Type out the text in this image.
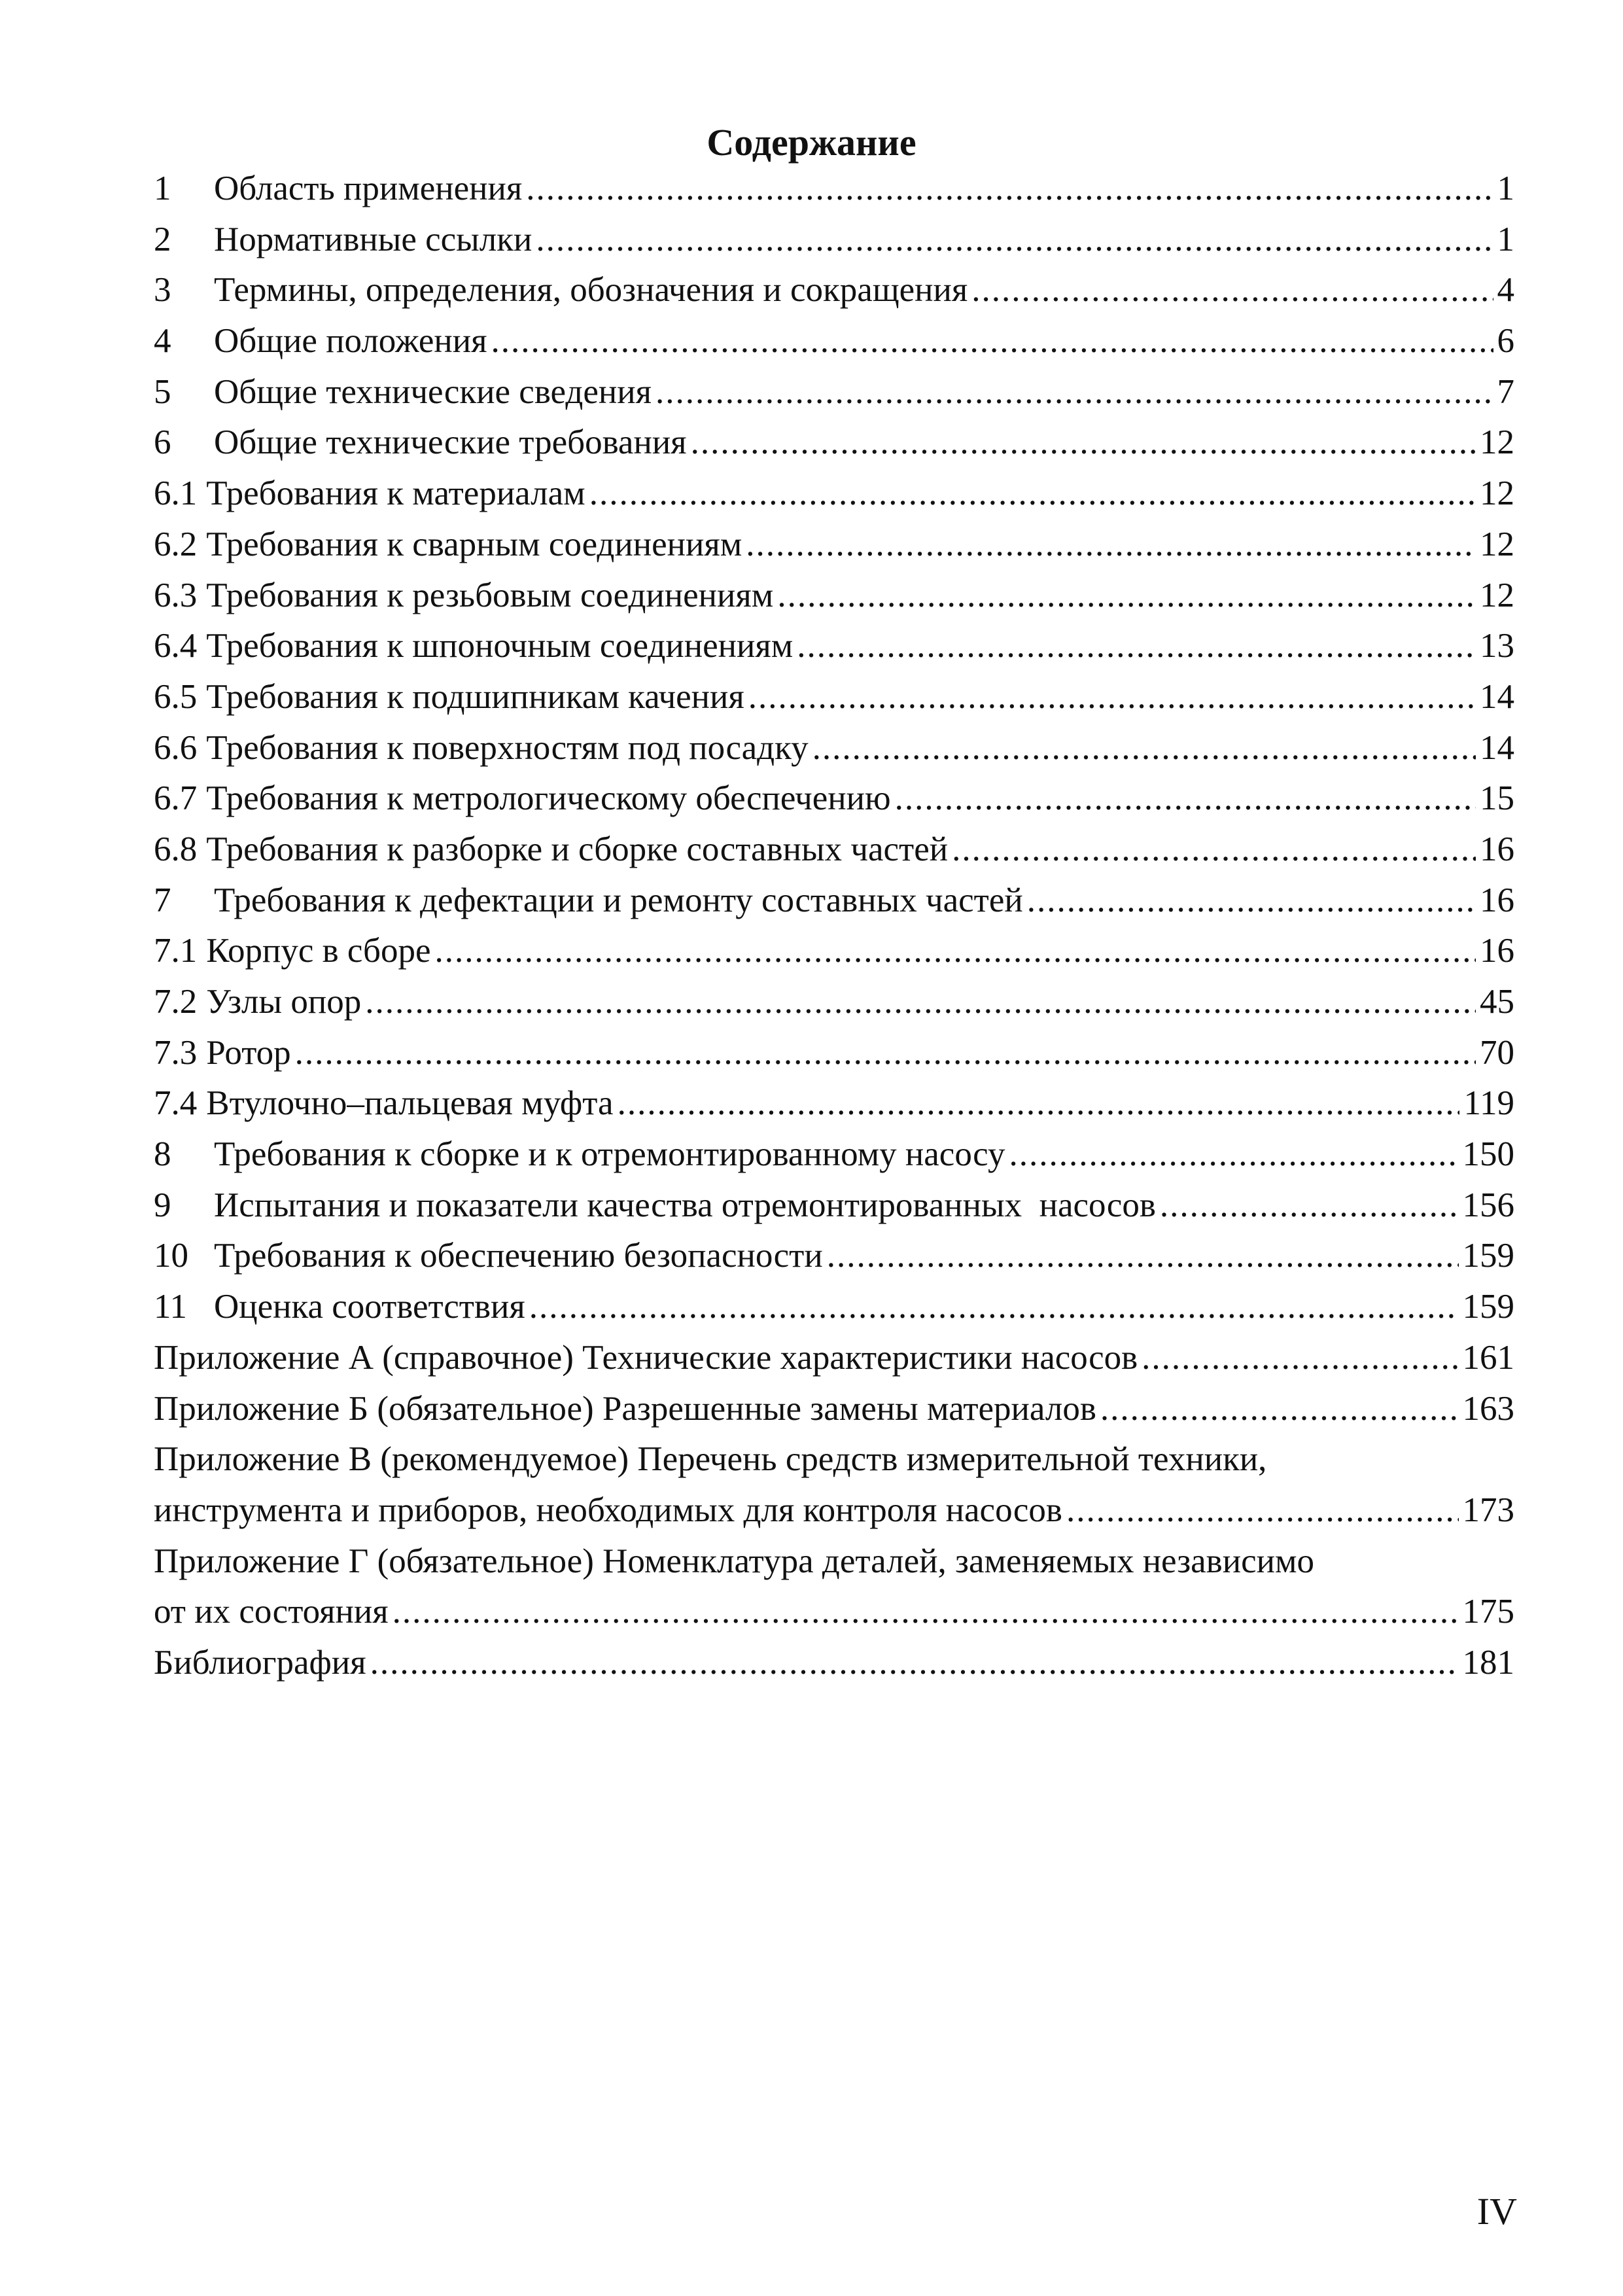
Содержание
1	Область применения .....	1
2	Нормативные ссылки .....	1
3	Термины, определения, обозначения и сокращения .....	4
4	Общие положения .....	6
5	Общие технические сведения .....	7
6	Общие технические требования .....	12
6.1 Требования к материалам .....	12
6.2 Требования к сварным соединениям .....	12
6.3 Требования к резьбовым соединениям .....	12
6.4 Требования к шпоночным соединениям .....	13
6.5 Требования к подшипникам качения .....	14
6.6 Требования к поверхностям под посадку .....	14
6.7 Требования к метрологическому обеспечению .....	15
6.8 Требования к разборке и сборке составных частей .....	16
7	Требования к дефектации и ремонту составных частей .....	16
7.1 Корпус в сборе .....	16
7.2 Узлы опор .....	45
7.3 Ротор .....	70
7.4 Втулочно–пальцевая муфта .....	119
8	Требования к сборке и к отремонтированному насосу .....	150
9	Испытания и показатели качества отремонтированных  насосов .....	156
10 Требования к обеспечению безопасности .....	159
11 Оценка соответствия .....	159
Приложение А (справочное) Технические характеристики насосов .....	161
Приложение Б (обязательное) Разрешенные замены материалов .....	163
Приложение В (рекомендуемое) Перечень средств измерительной техники,
инструмента и приборов, необходимых для контроля насосов .....	173
Приложение Г (обязательное) Номенклатура деталей, заменяемых независимо
от их состояния .....	175
Библиография .....	181
IV
